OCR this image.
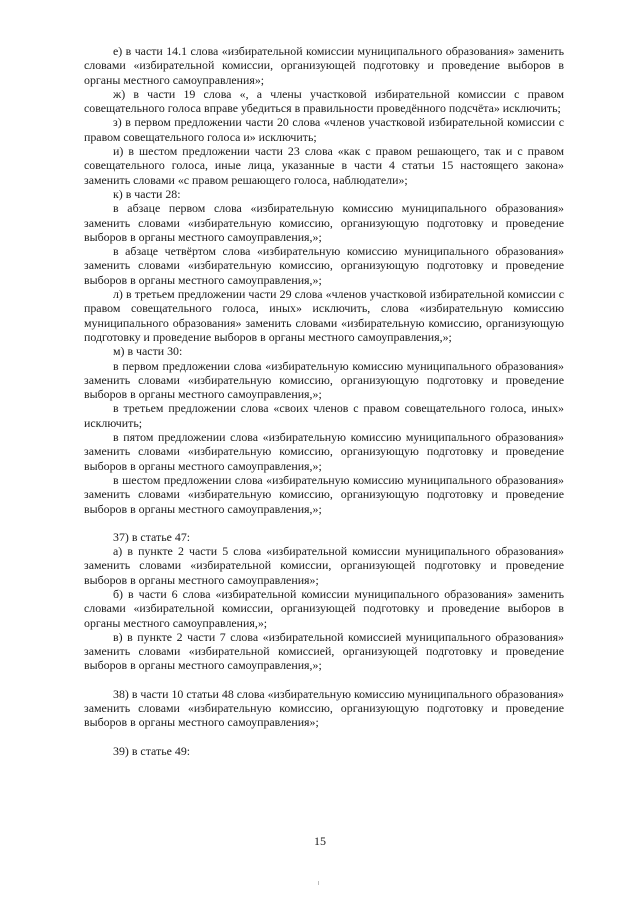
е) в части 14.1 слова «избирательной комиссии муниципального образования» заменить словами «избирательной комиссии, организующей подготовку и проведение выборов в органы местного самоуправления»;

ж) в части 19 слова «, а члены участковой избирательной комиссии с правом совещательного голоса вправе убедиться в правильности проведённого подсчёта» исключить;

з) в первом предложении части 20 слова «членов участковой избирательной комиссии с правом совещательного голоса и» исключить;

и) в шестом предложении части 23 слова «как с правом решающего, так и с правом совещательного голоса, иные лица, указанные в части 4 статьи 15 настоящего закона» заменить словами «с правом решающего голоса, наблюдатели»;

к) в части 28:

в абзаце первом слова «избирательную комиссию муниципального образования» заменить словами «избирательную комиссию, организующую подготовку и проведение выборов в органы местного самоуправления,»;

в абзаце четвёртом слова «избирательную комиссию муниципального образования» заменить словами «избирательную комиссию, организующую подготовку и проведение выборов в органы местного самоуправления,»;

л) в третьем предложении части 29 слова «членов участковой избирательной комиссии с правом совещательного голоса, иных» исключить, слова «избирательную комиссию муниципального образования» заменить словами «избирательную комиссию, организующую подготовку и проведение выборов в органы местного самоуправления,»;

м) в части 30:

в первом предложении слова «избирательную комиссию муниципального образования» заменить словами «избирательную комиссию, организующую подготовку и проведение выборов в органы местного самоуправления,»;

в третьем предложении слова «своих членов с правом совещательного голоса, иных» исключить;

в пятом предложении слова «избирательную комиссию муниципального образования» заменить словами «избирательную комиссию, организующую подготовку и проведение выборов в органы местного самоуправления,»;

в шестом предложении слова «избирательную комиссию муниципального образования» заменить словами «избирательную комиссию, организующую подготовку и проведение выборов в органы местного самоуправления,»;

37) в статье 47:

а) в пункте 2 части 5 слова «избирательной комиссии муниципального образования» заменить словами «избирательной комиссии, организующей подготовку и проведение выборов в органы местного самоуправления»;

б) в части 6 слова «избирательной комиссии муниципального образования» заменить словами «избирательной комиссии, организующей подготовку и проведение выборов в органы местного самоуправления,»;

в) в пункте 2 части 7 слова «избирательной комиссией муниципального образования» заменить словами «избирательной комиссией, организующей подготовку и проведение выборов в органы местного самоуправления,»;

38) в части 10 статьи 48 слова «избирательную комиссию муниципального образования» заменить словами «избирательную комиссию, организующую подготовку и проведение выборов в органы местного самоуправления»;

39) в статье 49:

15
